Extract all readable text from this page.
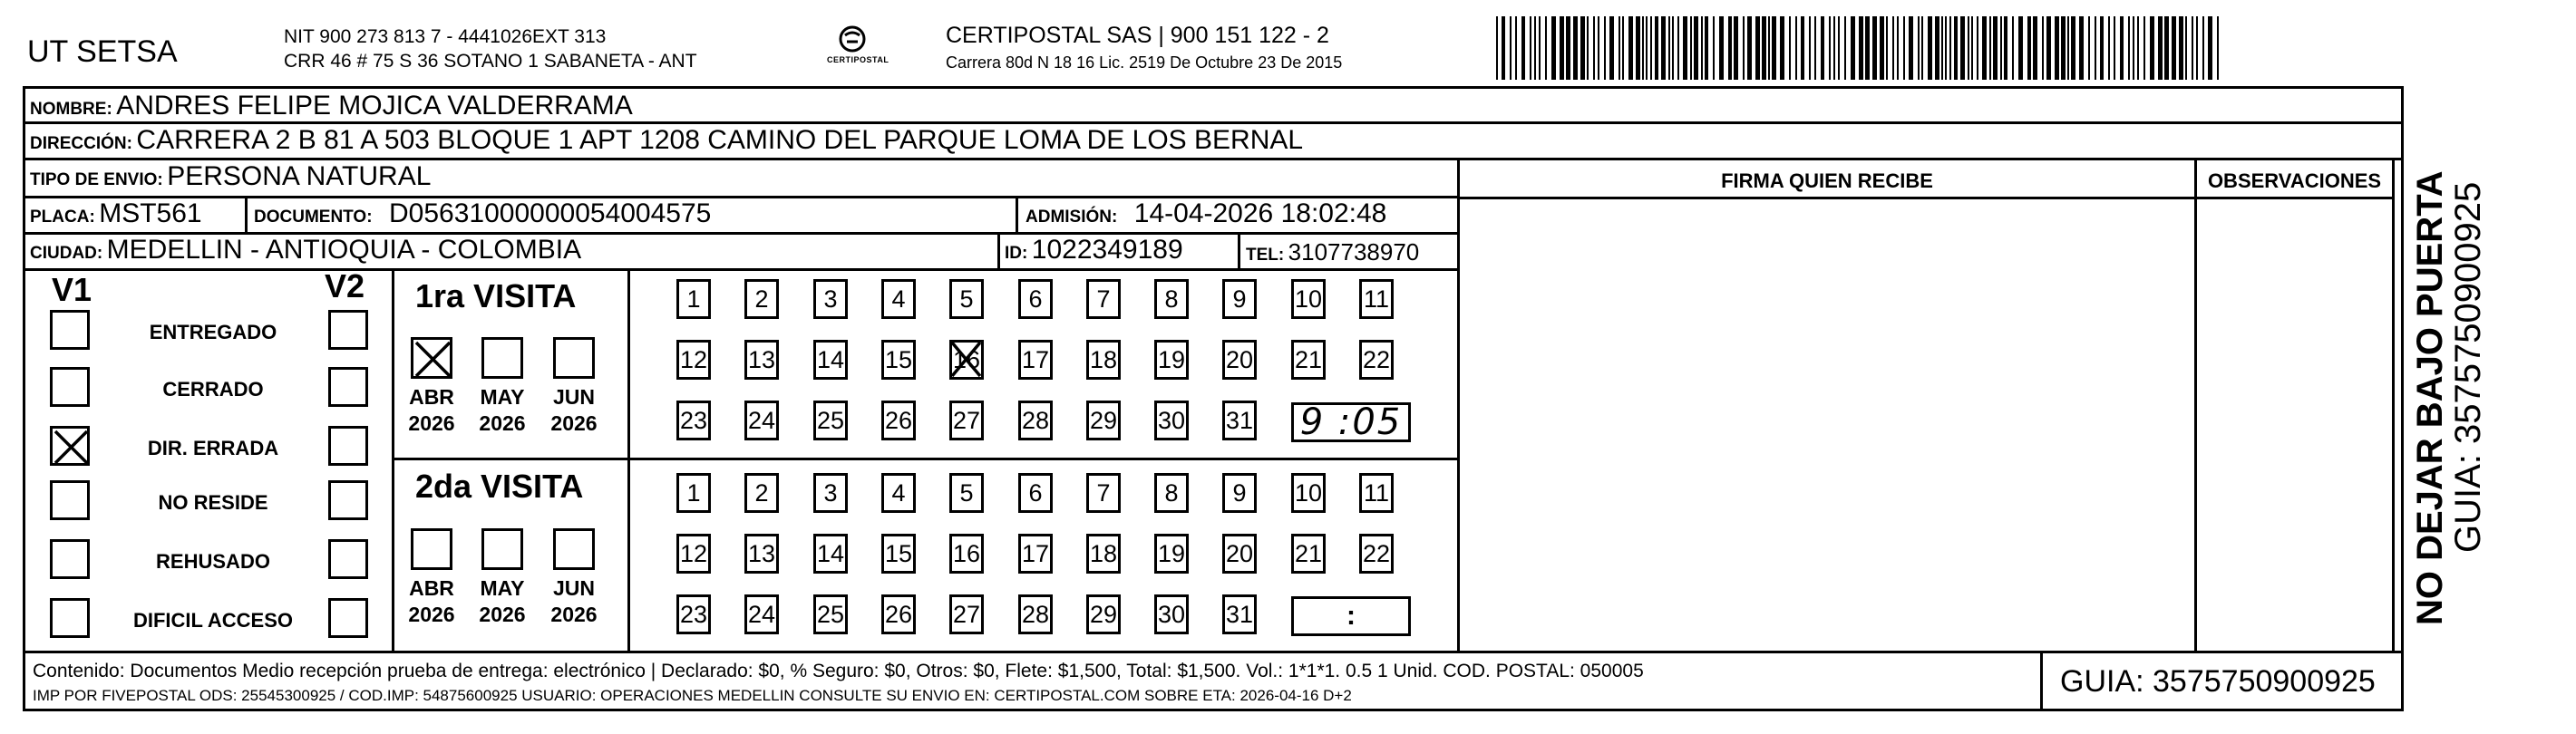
UT SETSA	NIT 900 273 813 7 - 4441026EXT 313
CRR 46 # 75 S 36 SOTANO 1 SABANETA - ANT	CERTIPOSTAL
CERTIPOSTAL SAS | 900 151 122 - 2
Carrera 80d N 18 16 Lic. 2519 De Octubre 23 De 2015
NOMBRE: ANDRES FELIPE MOJICA VALDERRAMA
DIRECCIÓN: CARRERA 2 B 81 A 503 BLOQUE 1 APT 1208 CAMINO DEL PARQUE LOMA DE LOS BERNAL
TIPO DE ENVIO: PERSONA NATURAL	FIRMA QUIEN RECIBE	OBSERVACIONES
PLACA: MST561	DOCUMENTO: D05631000000054004575	ADMISIÓN: 14-04-2026 18:02:48
CIUDAD: MEDELLIN - ANTIOQUIA - COLOMBIA	ID: 1022349189	TEL: 3107738970
V1	V2
ENTREGADO
CERRADO
DIR. ERRADA
NO RESIDE
REHUSADO
DIFICIL ACCESO
1ra VISITA
ABR
2026
MAY
2026
JUN
2026
1 2 3 4 5 6 7 8 9 10 11
12 13 14 15 16 17 18 19 20 21 22
23 24 25 26 27 28 29 30 31 9 :05
2da VISITA
ABR
2026
MAY
2026
JUN
2026
1 2 3 4 5 6 7 8 9 10 11
12 13 14 15 16 17 18 19 20 21 22
23 24 25 26 27 28 29 30 31	:
Contenido: Documentos Medio recepción prueba de entrega: electrónico | Declarado: $0, % Seguro: $0, Otros: $0, Flete: $1,500, Total: $1,500. Vol.: 1*1*1. 0.5 1 Unid. COD. POSTAL: 050005
IMP POR FIVEPOSTAL ODS: 25545300925 / COD.IMP: 54875600925 USUARIO: OPERACIONES MEDELLIN CONSULTE SU ENVIO EN: CERTIPOSTAL.COM SOBRE ETA: 2026-04-16 D+2	GUIA: 3575750900925
NO DEJAR BAJO PUERTA
GUIA: 3575750900925
